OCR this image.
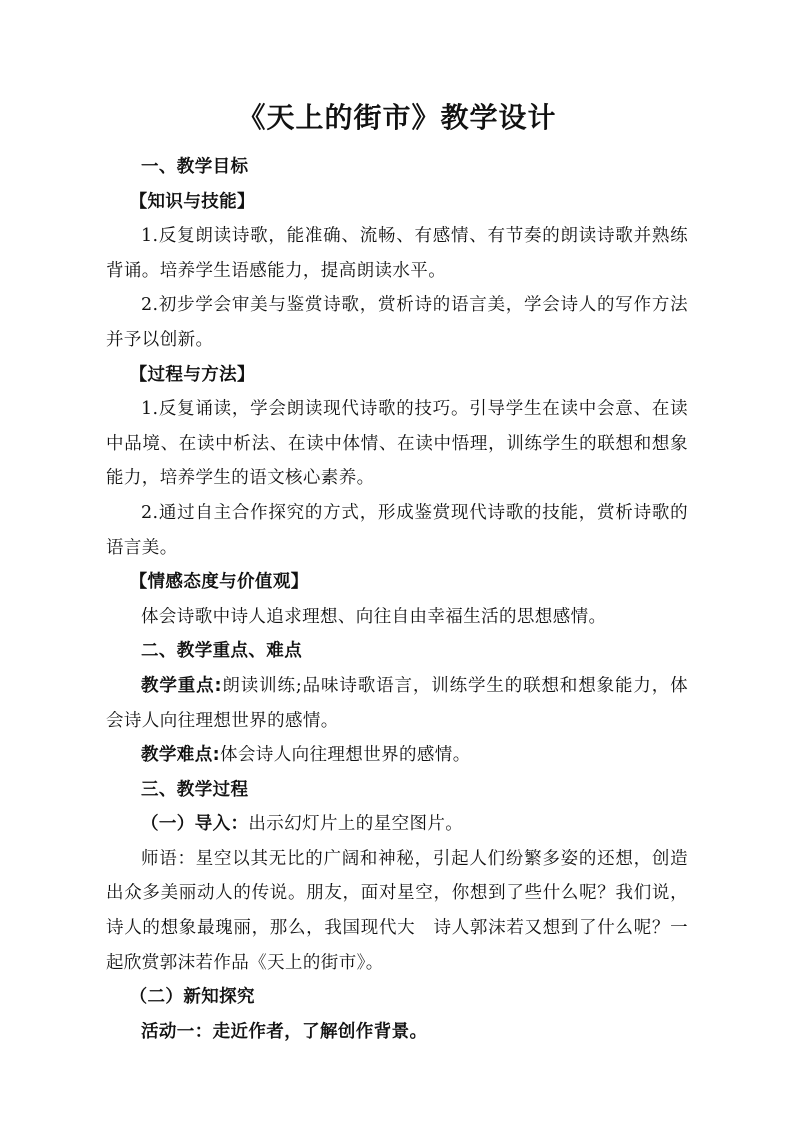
《天上的街市》教学设计

一、教学目标

【知识与技能】

1.反复朗读诗歌，能准确、流畅、有感情、有节奏的朗读诗歌并熟练背诵。培养学生语感能力，提高朗读水平。

2.初步学会审美与鉴赏诗歌，赏析诗的语言美，学会诗人的写作方法并予以创新。

【过程与方法】

1.反复诵读，学会朗读现代诗歌的技巧。引导学生在读中会意、在读中品境、在读中析法、在读中体情、在读中悟理，训练学生的联想和想象能力，培养学生的语文核心素养。

2.通过自主合作探究的方式，形成鉴赏现代诗歌的技能，赏析诗歌的语言美。

【情感态度与价值观】

体会诗歌中诗人追求理想、向往自由幸福生活的思想感情。

二、教学重点、难点

教学重点:朗读训练;品味诗歌语言，训练学生的联想和想象能力，体会诗人向往理想世界的感情。

教学难点:体会诗人向往理想世界的感情。

三、教学过程

（一）导入：出示幻灯片上的星空图片。

师语：星空以其无比的广阔和神秘，引起人们纷繁多姿的还想，创造出众多美丽动人的传说。朋友，面对星空，你想到了些什么呢？我们说，诗人的想象最瑰丽，那么，我国现代大　诗人郭沫若又想到了什么呢？一起欣赏郭沫若作品《天上的街市》。

（二）新知探究

活动一：走近作者，了解创作背景。
